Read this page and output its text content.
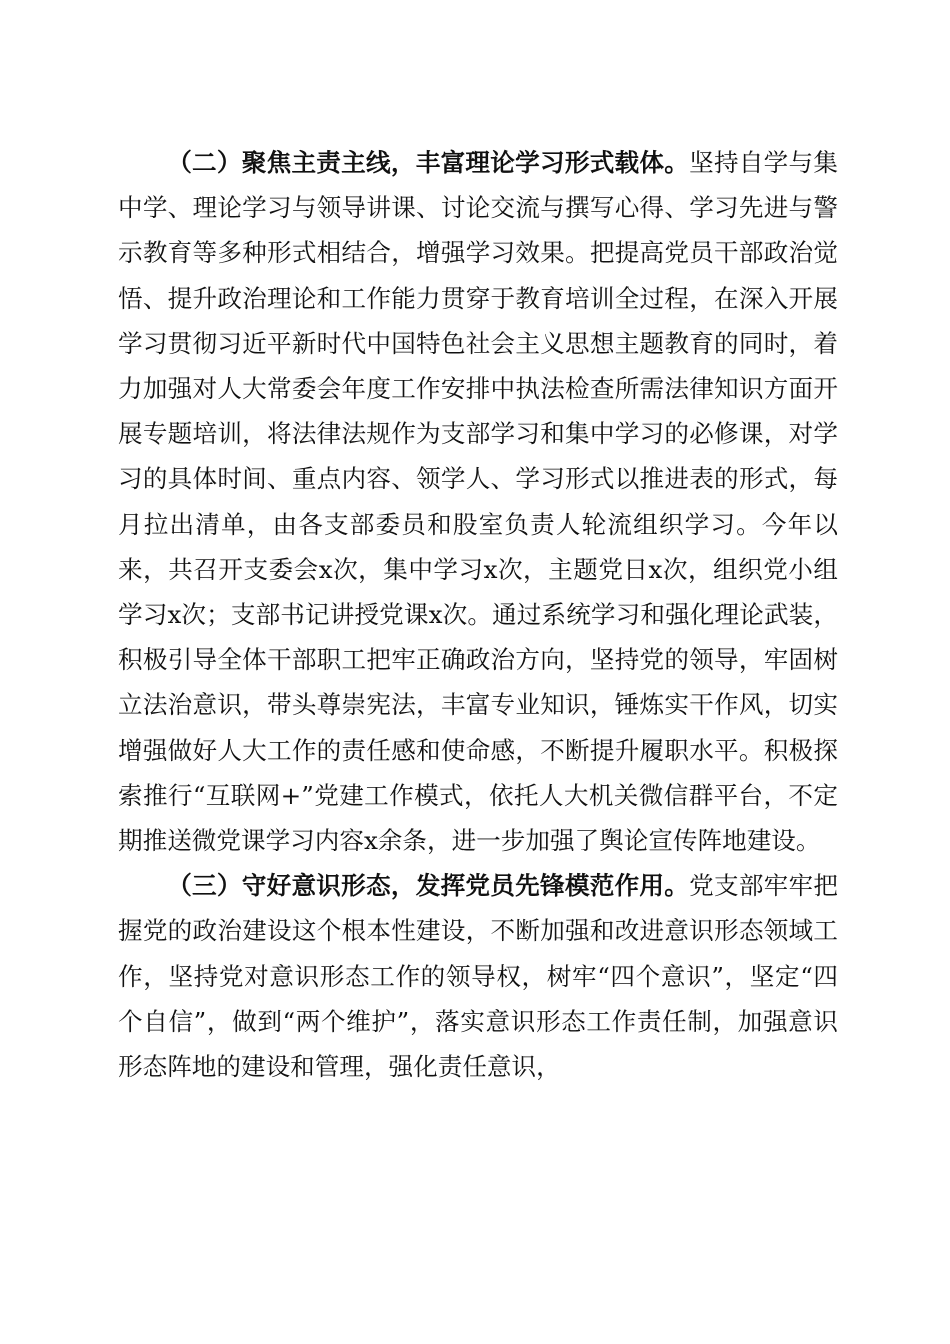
（二）聚焦主责主线，丰富理论学习形式载体。坚持自学与集中学、理论学习与领导讲课、讨论交流与撰写心得、学习先进与警示教育等多种形式相结合，增强学习效果。把提高党员干部政治觉悟、提升政治理论和工作能力贯穿于教育培训全过程，在深入开展学习贯彻习近平新时代中国特色社会主义思想主题教育的同时，着力加强对人大常委会年度工作安排中执法检查所需法律知识方面开展专题培训，将法律法规作为支部学习和集中学习的必修课，对学习的具体时间、重点内容、领学人、学习形式以推进表的形式，每月拉出清单，由各支部委员和股室负责人轮流组织学习。今年以来，共召开支委会x次，集中学习x次，主题党日x次，组织党小组学习x次；支部书记讲授党课x次。通过系统学习和强化理论武装，积极引导全体干部职工把牢正确政治方向，坚持党的领导，牢固树立法治意识，带头尊崇宪法，丰富专业知识，锤炼实干作风，切实增强做好人大工作的责任感和使命感，不断提升履职水平。积极探索推行“互联网+”党建工作模式，依托人大机关微信群平台，不定期推送微党课学习内容x余条，进一步加强了舆论宣传阵地建设。

（三）守好意识形态，发挥党员先锋模范作用。党支部牢牢把握党的政治建设这个根本性建设，不断加强和改进意识形态领域工作，坚持党对意识形态工作的领导权，树牢“四个意识”，坚定“四个自信”，做到“两个维护”，落实意识形态工作责任制，加强意识形态阵地的建设和管理，强化责任意识，
